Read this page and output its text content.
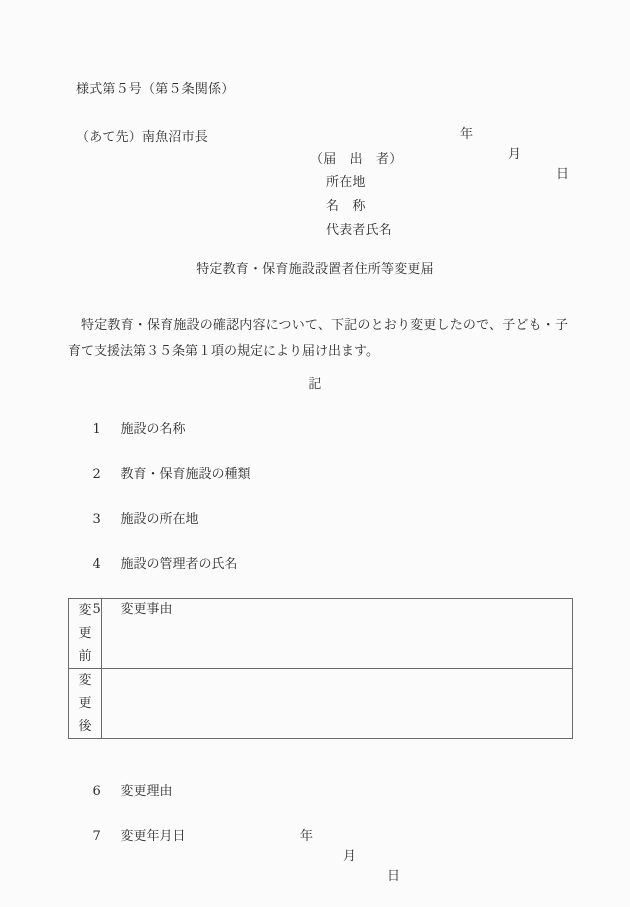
様式第５号（第５条関係）

年

月

日

（あて先）南魚沼市長
（届　出　者）
所在地
名　称
代表者氏名
特定教育・保育施設設置者住所等変更届
特定教育・保育施設の確認内容について、下記のとおり変更したので、子ども・子育て支援法第３５条第１項の規定により届け出ます。
記

1 施設の名称

2 教育・保育施設の種類

3 施設の所在地

4 施設の管理者の氏名

5 変更事由

変
更
前	

変
更
後	

6 変更理由

7 変更年月日

	年

月

日
